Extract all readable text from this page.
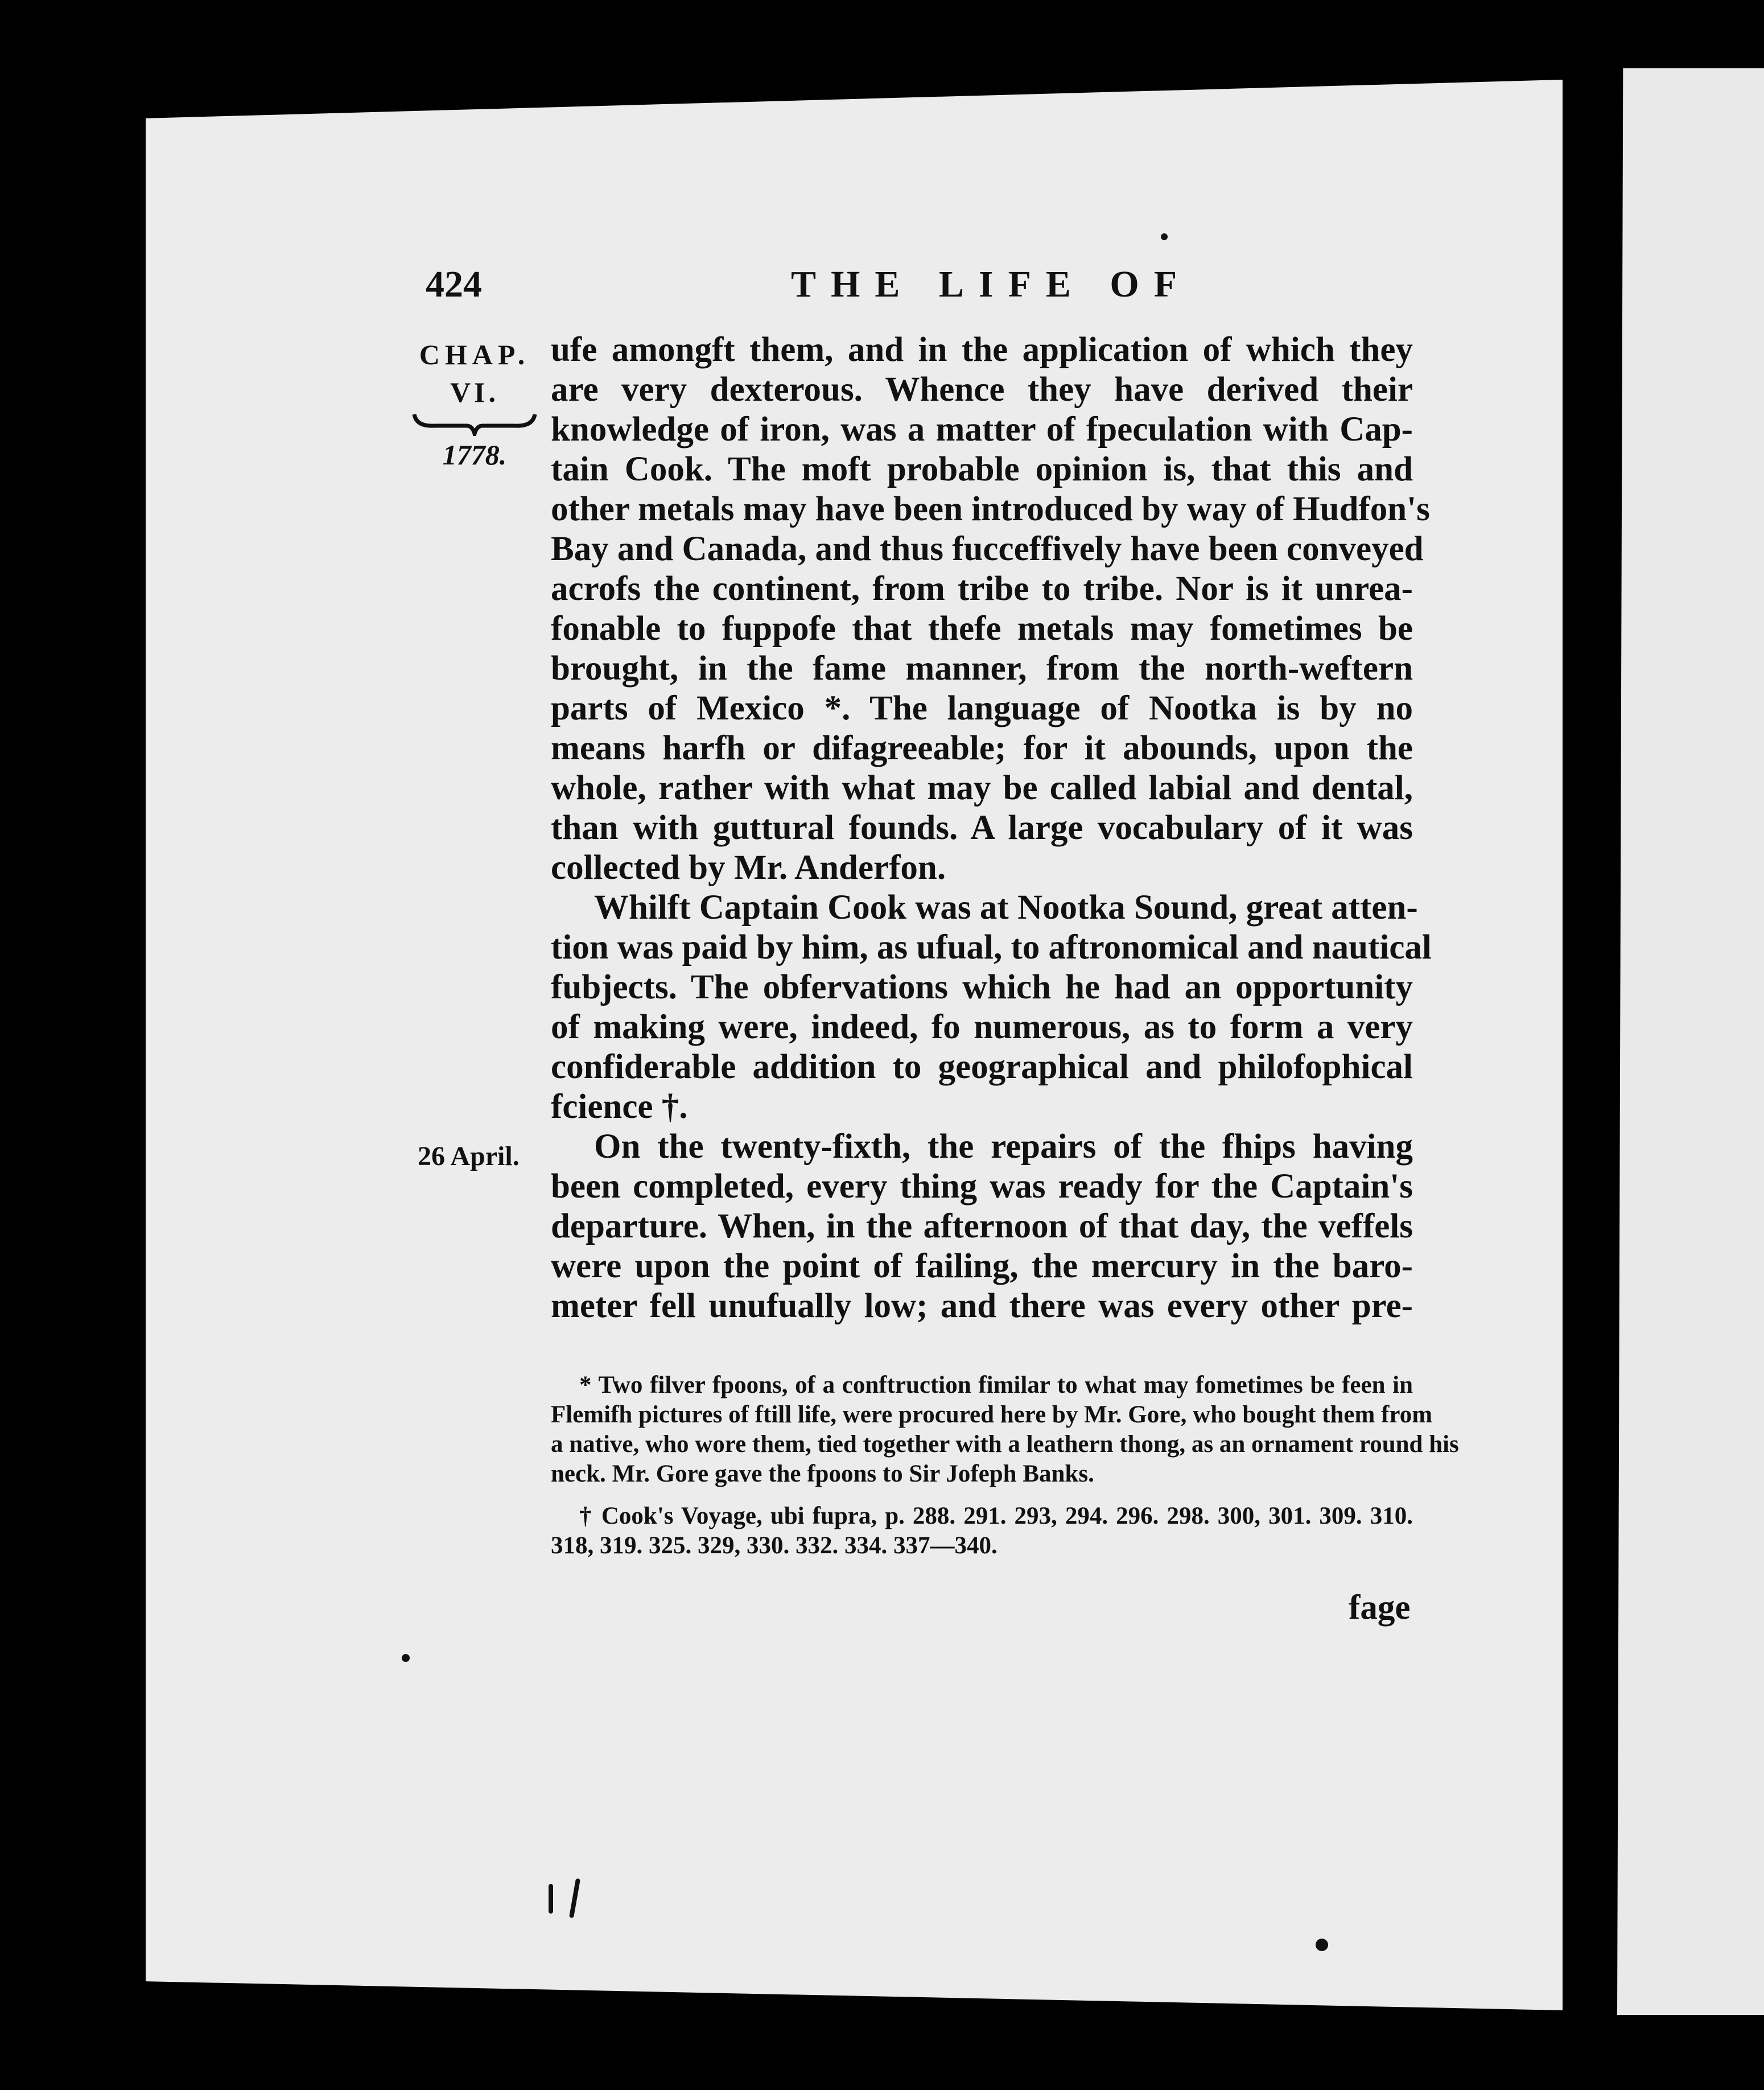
424	THE LIFE OF
CHAP.
VI.
1778.
26 April.
ufe amongft them, and in the application of which they
are very dexterous. Whence they have derived their
knowledge of iron, was a matter of fpeculation with Cap-
tain Cook. The moft probable opinion is, that this and
other metals may have been introduced by way of Hudfon's
Bay and Canada, and thus fucceffively have been conveyed
acrofs the continent, from tribe to tribe. Nor is it unrea-
fonable to fuppofe that thefe metals may fometimes be
brought, in the fame manner, from the north-weftern
parts of Mexico *. The language of Nootka is by no
means harfh or difagreeable; for it abounds, upon the
whole, rather with what may be called labial and dental,
than with guttural founds. A large vocabulary of it was
collected by Mr. Anderfon.
Whilft Captain Cook was at Nootka Sound, great atten-
tion was paid by him, as ufual, to aftronomical and nautical
fubjects. The obfervations which he had an opportunity
of making were, indeed, fo numerous, as to form a very
confiderable addition to geographical and philofophical
fcience †.
On the twenty-fixth, the repairs of the fhips having
been completed, every thing was ready for the Captain's
departure. When, in the afternoon of that day, the veffels
were upon the point of failing, the mercury in the baro-
meter fell unufually low; and there was every other pre-
* Two filver fpoons, of a conftruction fimilar to what may fometimes be feen in
Flemifh pictures of ftill life, were procured here by Mr. Gore, who bought them from
a native, who wore them, tied together with a leathern thong, as an ornament round his
neck. Mr. Gore gave the fpoons to Sir Jofeph Banks.
† Cook's Voyage, ubi fupra, p. 288. 291. 293, 294. 296. 298. 300, 301. 309. 310.
318, 319. 325. 329, 330. 332. 334. 337—340.
fage
